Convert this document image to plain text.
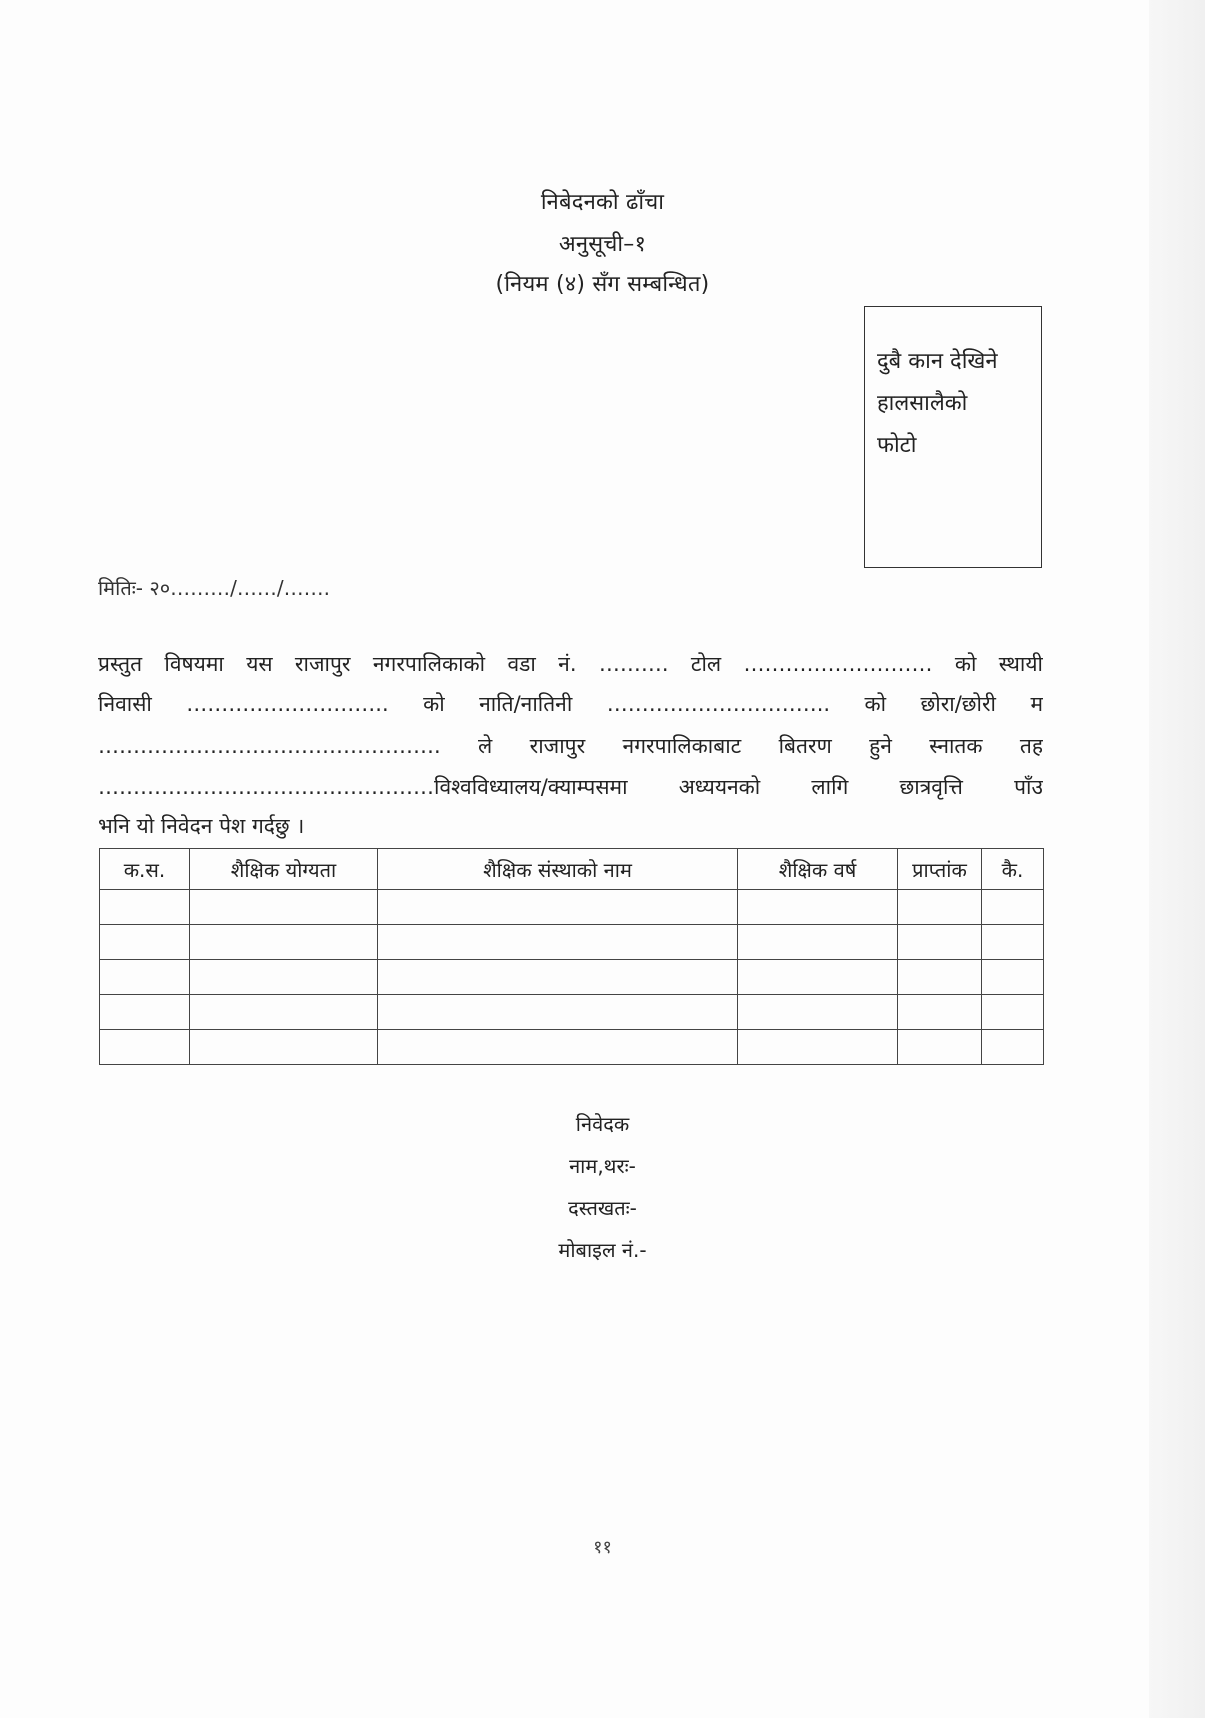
निबेदनको ढाँचा
अनुसूची–१
(नियम (४) सँग सम्बन्धित)
दुबै कान देखिने
हालसालैको
फोटो
मितिः- २०………/……/…….
प्रस्तुत विषयमा यस राजापुर नगरपालिकाको वडा नं. ………. टोल ……………………… को स्थायी
निवासी ……………………….. को नाति/नातिनी ………………………….. को छोरा/छोरी म
…………………………………………. ले राजापुर नगरपालिकाबाट बितरण हुने स्नातक तह
…………………………………………विश्वविध्यालय/क्याम्पसमा अध्ययनको लागि छात्रवृत्ति पाँउ
भनि यो निवेदन पेश गर्दछु ।
क.स.	शैक्षिक योग्यता	शैक्षिक संस्थाको नाम	शैक्षिक वर्ष	प्राप्तांक	कै.

निवेदक
नाम,थरः-
दस्तखतः-
मोबाइल नं.-
११
